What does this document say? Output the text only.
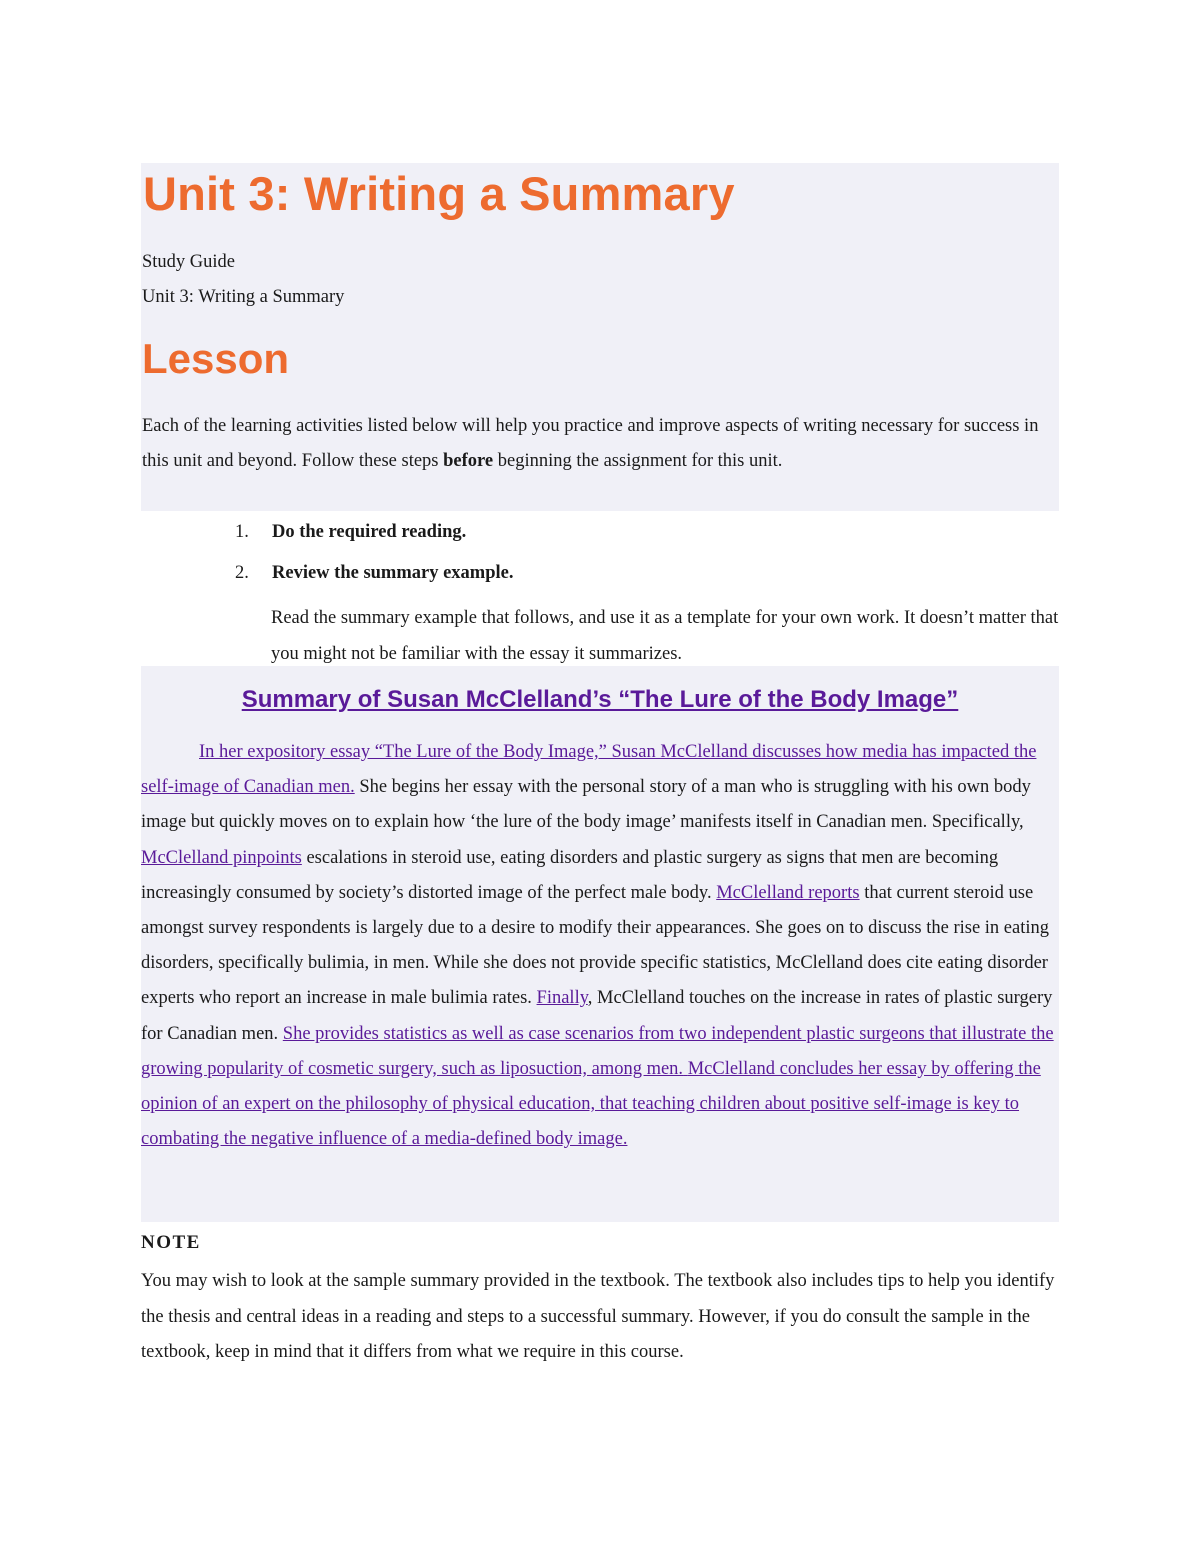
Unit 3: Writing a Summary
Study Guide
Unit 3: Writing a Summary
Lesson
Each of the learning activities listed below will help you practice and improve aspects of writing necessary for success in this unit and beyond. Follow these steps before beginning the assignment for this unit.
1.	Do the required reading.
2.	Review the summary example.
Read the summary example that follows, and use it as a template for your own work. It doesn’t matter that you might not be familiar with the essay it summarizes.
Summary of Susan McClelland’s “The Lure of the Body Image”
In her expository essay “The Lure of the Body Image,” Susan McClelland discusses how media has impacted the self-image of Canadian men. She begins her essay with the personal story of a man who is struggling with his own body image but quickly moves on to explain how ‘the lure of the body image’ manifests itself in Canadian men. Specifically, McClelland pinpoints escalations in steroid use, eating disorders and plastic surgery as signs that men are becoming increasingly consumed by society’s distorted image of the perfect male body. McClelland reports that current steroid use amongst survey respondents is largely due to a desire to modify their appearances. She goes on to discuss the rise in eating disorders, specifically bulimia, in men. While she does not provide specific statistics, McClelland does cite eating disorder experts who report an increase in male bulimia rates. Finally, McClelland touches on the increase in rates of plastic surgery for Canadian men. She provides statistics as well as case scenarios from two independent plastic surgeons that illustrate the growing popularity of cosmetic surgery, such as liposuction, among men. McClelland concludes her essay by offering the opinion of an expert on the philosophy of physical education, that teaching children about positive self-image is key to combating the negative influence of a media-defined body image.
NOTE
You may wish to look at the sample summary provided in the textbook. The textbook also includes tips to help you identify the thesis and central ideas in a reading and steps to a successful summary. However, if you do consult the sample in the textbook, keep in mind that it differs from what we require in this course.
